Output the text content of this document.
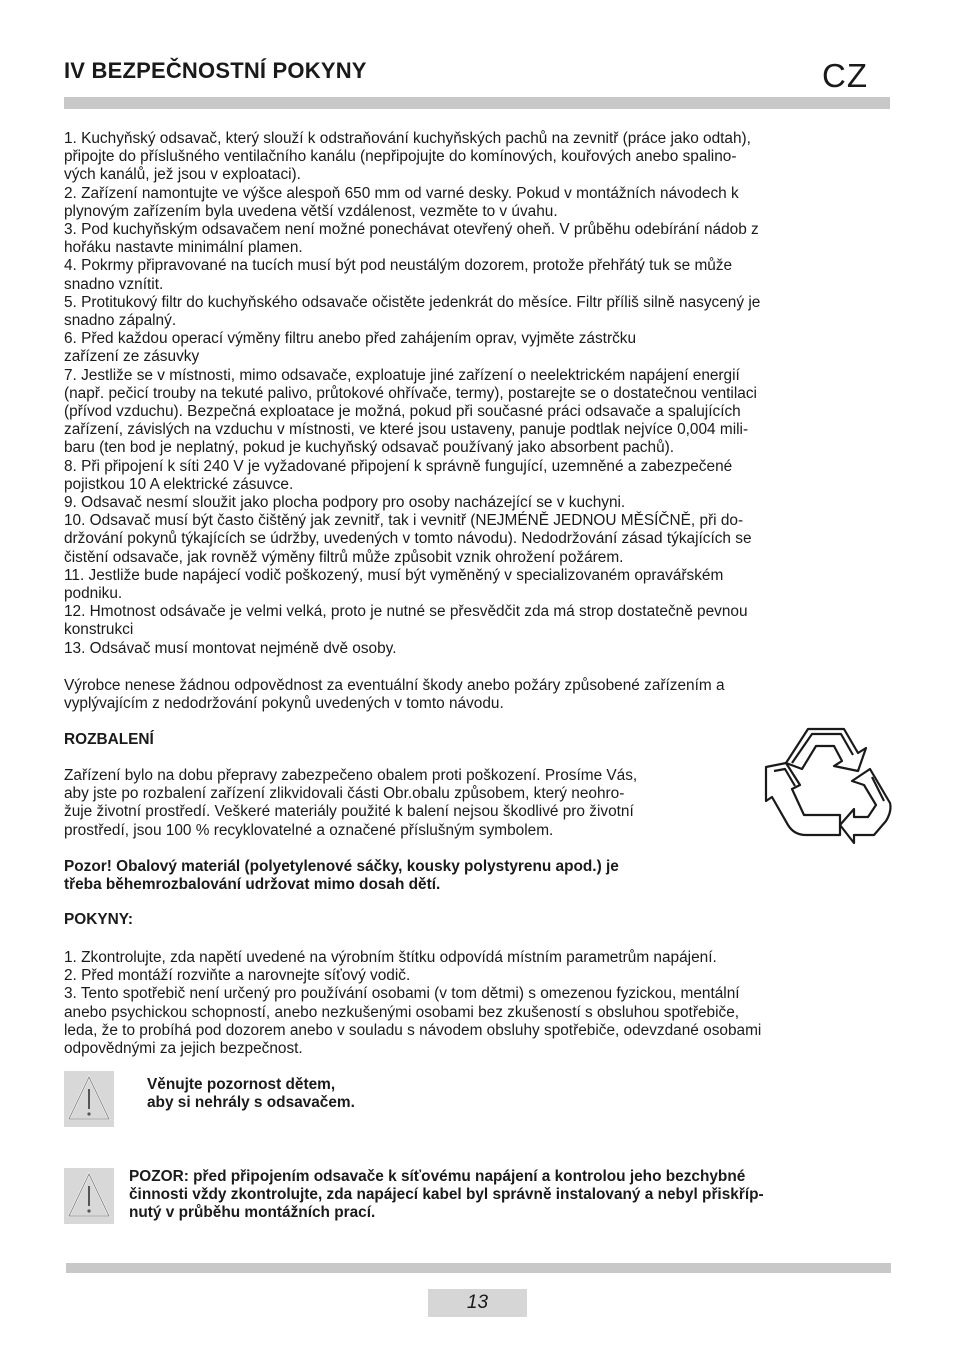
IV BEZPEČNOSTNÍ POKYNY	CZ
1. Kuchyňský odsavač, který slouží k odstraňování kuchyňských pachů na zevnitř (práce jako odtah),
připojte do příslušného ventilačního kanálu (nepřipojujte do komínových, kouřových anebo spalino-
vých kanálů, jež jsou v exploataci).
2. Zařízení namontujte ve výšce alespoň 650 mm od varné desky. Pokud v montážních návodech k
plynovým zařízením byla uvedena větší vzdálenost, vezměte to v úvahu.
3. Pod kuchyňským odsavačem není možné ponechávat otevřený oheň. V průběhu odebírání nádob z
hořáku nastavte minimální plamen.
4. Pokrmy připravované na tucích musí být pod neustálým dozorem, protože přehřátý tuk se může
snadno vznítit.
5. Protitukový filtr do kuchyňského odsavače očistěte jedenkrát do měsíce. Filtr příliš silně nasycený je
snadno zápalný.
6. Před každou operací výměny filtru anebo před zahájením oprav, vyjměte zástrčku
zařízení ze zásuvky
7. Jestliže se v místnosti, mimo odsavače, exploatuje jiné zařízení o neelektrickém napájení energií
(např. pečicí trouby na tekuté palivo, průtokové ohřívače, termy), postarejte se o dostatečnou ventilaci
(přívod vzduchu). Bezpečná exploatace je možná, pokud při současné práci odsavače a spalujících
zařízení, závislých na vzduchu v místnosti, ve které jsou ustaveny, panuje podtlak nejvíce 0,004 mili-
baru (ten bod je neplatný, pokud je kuchyňský odsavač používaný jako absorbent pachů).
8. Při připojení k síti 240 V je vyžadované připojení k správně fungující, uzemněné a zabezpečené
pojistkou 10 A elektrické zásuvce.
9. Odsavač nesmí sloužit jako plocha podpory pro osoby nacházející se v kuchyni.
10. Odsavač musí být často čištěný jak zevnitř, tak i vevnitř (NEJMÉNĚ JEDNOU MĚSÍČNĚ, při do-
držování pokynů týkajících se údržby, uvedených v tomto návodu). Nedodržování zásad týkajících se
čistění odsavače, jak rovněž výměny filtrů může způsobit vznik ohrožení požárem.
11. Jestliže bude napájecí vodič poškozený, musí být vyměněný v specializovaném opravářském
podniku.
12. Hmotnost odsávače je velmi velká, proto je nutné se přesvědčit zda má strop dostatečně pevnou
konstrukci
13. Odsávač musí montovat nejméně dvě osoby.
Výrobce nenese žádnou odpovědnost za eventuální škody anebo požáry způsobené zařízením a
vyplývajícím z nedodržování pokynů uvedených v tomto návodu.
ROZBALENÍ
Zařízení bylo na dobu přepravy zabezpečeno obalem proti poškození. Prosíme Vás,
aby jste po rozbalení zařízení zlikvidovali části Obr.obalu způsobem, který neohro-
žuje životní prostředí. Veškeré materiály použité k balení nejsou škodlivé pro životní
prostředí, jsou 100 % recyklovatelné a označené příslušným symbolem.
Pozor! Obalový materiál (polyetylenové sáčky, kousky polystyrenu apod.) je
třeba běhemrozbalování udržovat mimo dosah dětí.
POKYNY:
1. Zkontrolujte, zda napětí uvedené na výrobním štítku odpovídá místním parametrům napájení.
2. Před montáží rozviňte a narovnejte síťový vodič.
3. Tento spotřebič není určený pro používání osobami (v tom dětmi) s omezenou fyzickou, mentální
anebo psychickou schopností, anebo nezkušenými osobami bez zkušeností s obsluhou spotřebiče,
leda, že to probíhá pod dozorem anebo v souladu s návodem obsluhy spotřebiče, odevzdané osobami
odpovědnými za jejich bezpečnost.
Věnujte pozornost dětem,
aby si nehrály s odsavačem.
POZOR: před připojením odsavače k síťovému napájení a kontrolou jeho bezchybné
činnosti vždy zkontrolujte, zda napájecí kabel byl správně instalovaný a nebyl přiskříp-
nutý v průběhu montážních prací.
13
